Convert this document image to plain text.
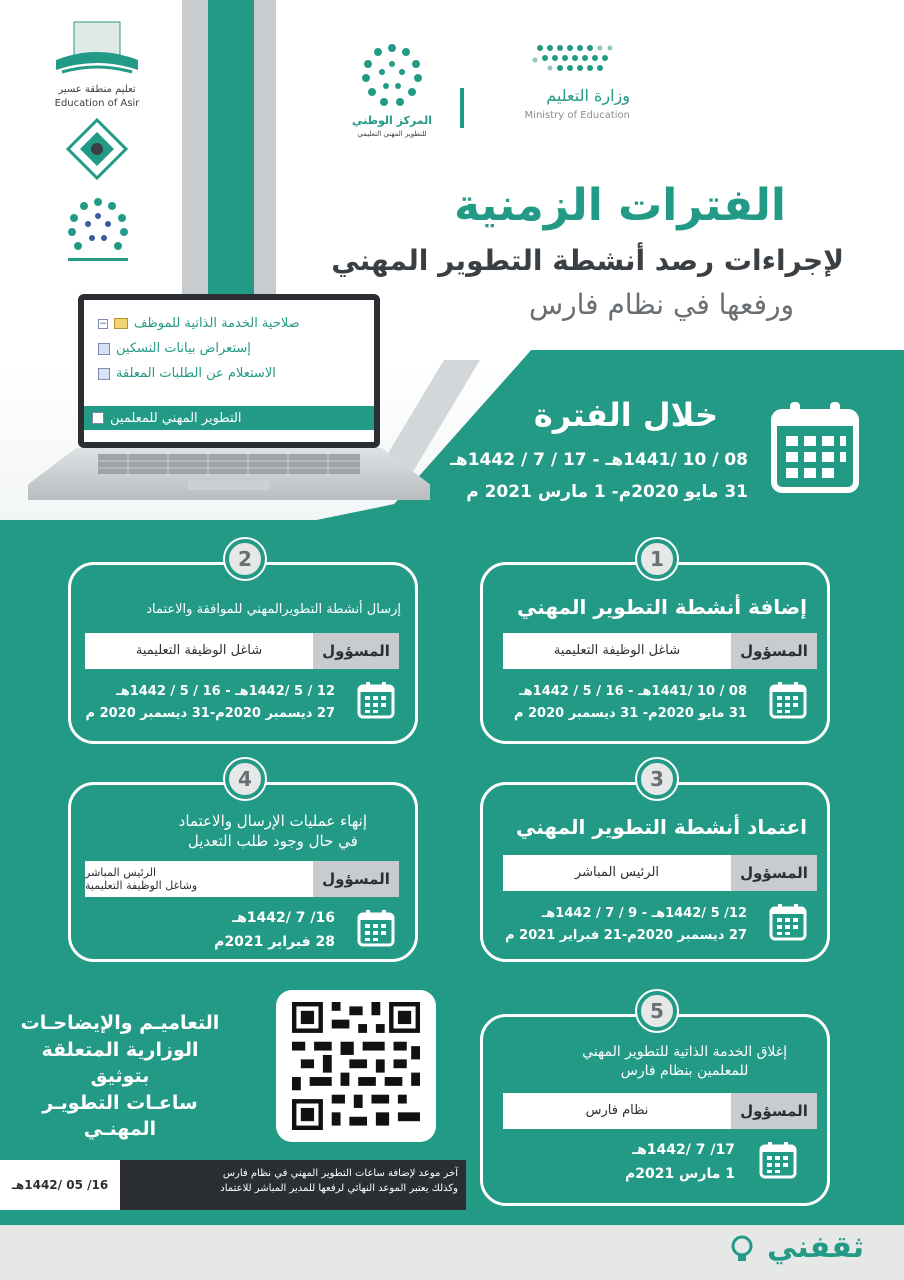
وزارة التعليم
Ministry of Education
المركز الوطني
للتطوير المهني التعليمي
تعليم منطقة عسير
Education of Asir
الفترات الزمنية
لإجراءات رصد أنشطة التطوير المهني
ورفعها في نظام فارس
صلاحية الخدمة الذاتية للموظف
−
إستعراض بيانات التسكين
الاستعلام عن الطلبات المعلقة
التطوير المهني للمعلمين	خلال الفترة
08 / 10 /1441هـ - 17 / 7 / 1442هـ
31 مايو 2020م- 1 مارس 2021 م
1
إضافة أنشطة التطوير المهني
المسؤول
شاغل الوظيفة التعليمية
08 / 10 /1441هـ - 16 / 5 / 1442هـ
31 مايو 2020م- 31 ديسمبر 2020 م
2
إرسال أنشطة التطويرالمهني للموافقة والاعتماد
المسؤول
شاغل الوظيفة التعليمية
12 / 5 /1442هـ - 16 / 5 / 1442هـ
27 ديسمبر 2020م-31 ديسمبر 2020 م
3
اعتماد أنشطة التطوير المهني
المسؤول
الرئيس المباشر
12/ 5 /1442هـ - 9 / 7 / 1442هـ
27 ديسمبر 2020م-21 فبراير 2021 م
4
إنهاء عمليات الإرسال والاعتماد
في حال وجود طلب التعديل
المسؤول
الرئيس المباشر
وشاغل الوظيفة التعليمية
16/ 7 /1442هـ
28 فبراير 2021م
5
إغلاق الخدمة الذاتية للتطوير المهني
للمعلمين بنظام فارس
المسؤول
نظام فارس
17/ 7 /1442هـ
1 مارس 2021م
التعاميـم والإيضاحـات
الوزارية المتعلقة بتوثيق
ساعـات التطويـر المهنـي
آخر موعد لإضافة ساعات التطوير المهني في نظام فارس
وكذلك يعتبر الموعد النهائي لرفعها للمدير المباشر للاعتماد
16/ 05 /1442هـ
ثقفني
